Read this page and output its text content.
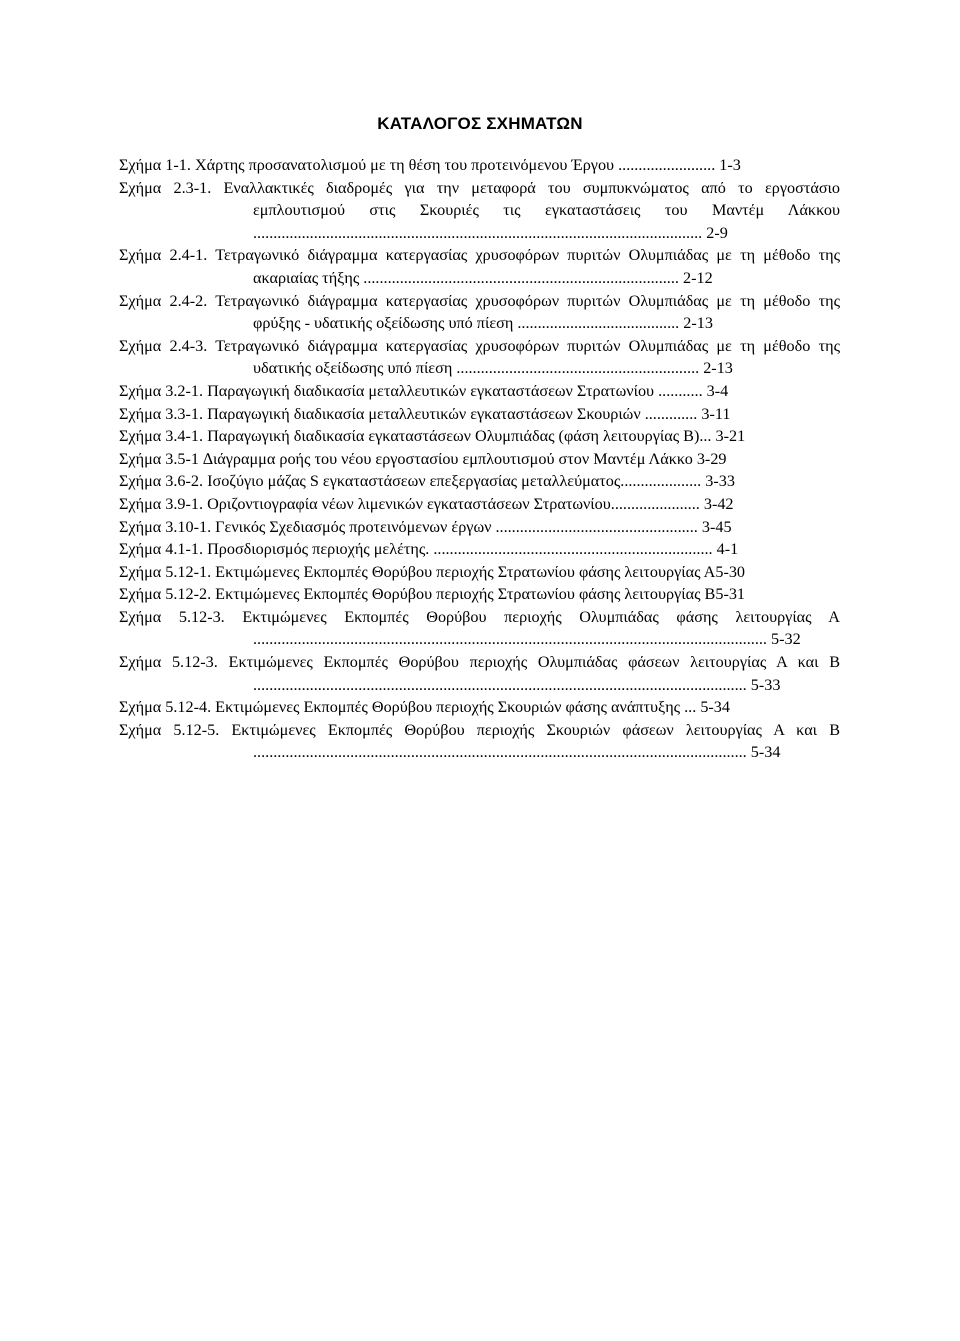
ΚΑΤΑΛΟΓΟΣ ΣΧΗΜΑΤΩΝ
Σχήμα 1-1. Χάρτης προσανατολισμού με τη θέση του προτεινόμενου Έργου ........................ 1-3
Σχήμα 2.3-1. Εναλλακτικές διαδρομές για την μεταφορά του συμπυκνώματος από το εργοστάσιο εμπλουτισμού στις Σκουριές τις εγκαταστάσεις του Μαντέμ Λάκκου ............................................................................................................... 2-9
Σχήμα 2.4-1. Τετραγωνικό διάγραμμα κατεργασίας χρυσοφόρων πυριτών Ολυμπιάδας με τη μέθοδο της ακαριαίας τήξης .............................................................................. 2-12
Σχήμα 2.4-2. Τετραγωνικό διάγραμμα κατεργασίας χρυσοφόρων πυριτών Ολυμπιάδας με τη μέθοδο της φρύξης - υδατικής οξείδωσης υπό πίεση ........................................ 2-13
Σχήμα 2.4-3. Τετραγωνικό διάγραμμα κατεργασίας χρυσοφόρων πυριτών Ολυμπιάδας με τη μέθοδο της υδατικής οξείδωσης υπό πίεση ............................................................ 2-13
Σχήμα 3.2-1. Παραγωγική διαδικασία μεταλλευτικών εγκαταστάσεων Στρατωνίου ........... 3-4
Σχήμα 3.3-1. Παραγωγική διαδικασία μεταλλευτικών εγκαταστάσεων Σκουριών ............. 3-11
Σχήμα 3.4-1. Παραγωγική διαδικασία εγκαταστάσεων Ολυμπιάδας (φάση λειτουργίας Β)... 3-21
Σχήμα 3.5-1 ∆ιάγραμμα ροής του νέου εργοστασίου εμπλουτισμού στον Μαντέμ Λάκκο 3-29
Σχήμα 3.6-2. Ισοζύγιο μάζας S εγκαταστάσεων επεξεργασίας μεταλλεύματος.................... 3-33
Σχήμα 3.9-1. Οριζοντιογραφία νέων λιμενικών εγκαταστάσεων Στρατωνίου...................... 3-42
Σχήμα 3.10-1. Γενικός Σχεδιασμός προτεινόμενων έργων .................................................. 3-45
Σχήμα 4.1-1. Προσδιορισμός περιοχής μελέτης. ..................................................................... 4-1
Σχήμα 5.12-1. Εκτιμώμενες Εκπομπές Θορύβου περιοχής Στρατωνίου φάσης λειτουργίας Α5-30
Σχήμα 5.12-2. Εκτιμώμενες Εκπομπές Θορύβου περιοχής Στρατωνίου φάσης λειτουργίας Β5-31
Σχήμα 5.12-3. Εκτιμώμενες Εκπομπές Θορύβου περιοχής Ολυμπιάδας φάσης λειτουργίας Α ............................................................................................................................... 5-32
Σχήμα 5.12-3. Εκτιμώμενες Εκπομπές Θορύβου περιοχής Ολυμπιάδας φάσεων λειτουργίας Α και Β .......................................................................................................................... 5-33
Σχήμα 5.12-4. Εκτιμώμενες Εκπομπές Θορύβου περιοχής Σκουριών φάσης ανάπτυξης ... 5-34
Σχήμα 5.12-5. Εκτιμώμενες Εκπομπές Θορύβου περιοχής Σκουριών φάσεων λειτουργίας Α και Β .......................................................................................................................... 5-34
